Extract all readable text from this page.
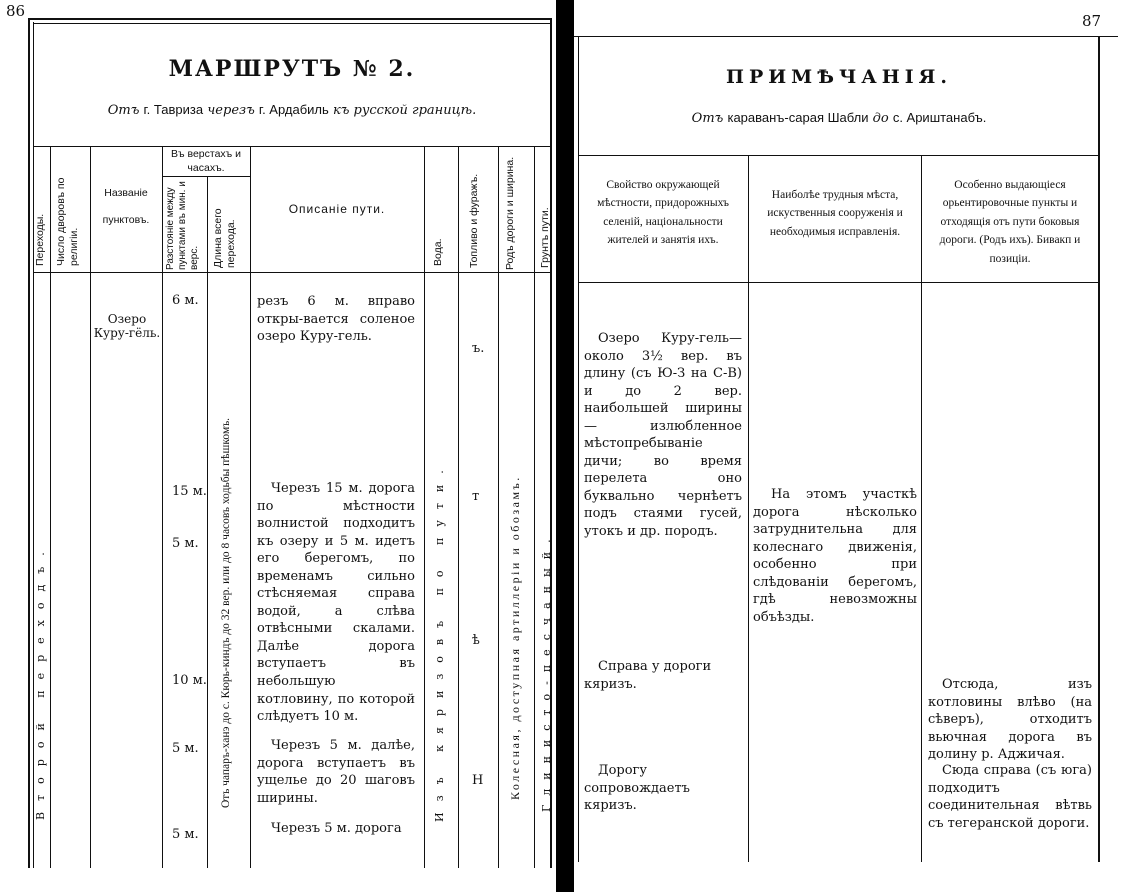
86
МАРШРУТЪ № 2.
Отъ г. Тавриза черезъ г. Ардабиль къ русской границѣ.
Переходы. Число дворовъ по религіи.
Названіе пунктовъ.
Въ верстахъ и часахъ.
Разстояніе между пунктами въ мин. и верс. Длина всего перехода.
Описаніе пути.
Вода. Топливо и фуражъ. Родъ дороги и ширина. Грунтъ пути.
Второй переходъ.
Озеро Куру-гёль.
6 м.
15 м.
5 м.
10 м.
5 м.
5 м.
Отъ чапаръ-ханэ до с. Кюрь-киндъ до 32 вер. или до 8 часовъ ходьбы пѣшкомъ.
резъ 6 м. вправо откры-ваетcя соленое озеро Куру-гель.
Черезъ 15 м. дорога по мѣстности волнистой подходитъ къ озеру и 5 м. идетъ его берегомъ, по временамъ сильно стѣсняемая справа водой, а слѣва отвѣсными скалами. Далѣе дорога вступаетъ въ небольшую котловину, по которой слѣдуетъ 10 м.
Черезъ 5 м. далѣе, дорога вступаетъ въ ущелье до 20 шаговъ ширины.
Черезъ 5 м. дорога
Изъ кяризовъ по пути.
ъ.
т
ѣ
Н Колесная, доступная артиллеріи и обозамъ. Глинисто-песчаный.
87
ПРИМѢЧАНІЯ.
Отъ караванъ-сарая Шабли до с. Ариштанабъ.
Свойство окружающей мѣстности, придорожныхъ селеній, національности жителей и занятія ихъ.
Наиболѣе трудныя мѣста, искуственныя сооруженія и необходимыя исправленія.
Особенно выдающіеся орьентировочные пункты и отходящія отъ пути боковыя дороги. (Родъ ихъ). Бивакп и позиціи.
Озеро Куру-гель— около 3½ вер. въ длину (съ Ю-З на С-В) и до 2 вер. наибольшей ширины— излюбленное мѣстопребываніе дичи; во время перелета оно буквально чернѣетъ подъ стаями гусей, утокъ и др. породъ.
Справа у дороги кяризъ.
Дорогу сопровождаетъ кяризъ.
На этомъ участкѣ дорога нѣсколько затруднительна для колеснаго движенія, особенно при слѣдованіи берегомъ, гдѣ невозможны объѣзды.
Отсюда, изъ котловины влѣво (на сѣверъ), отходитъ вьючная дорога въ долину р. Аджичая.
Сюда справа (съ юга) подходитъ соединительная вѣтвь съ тегеранской дороги.
